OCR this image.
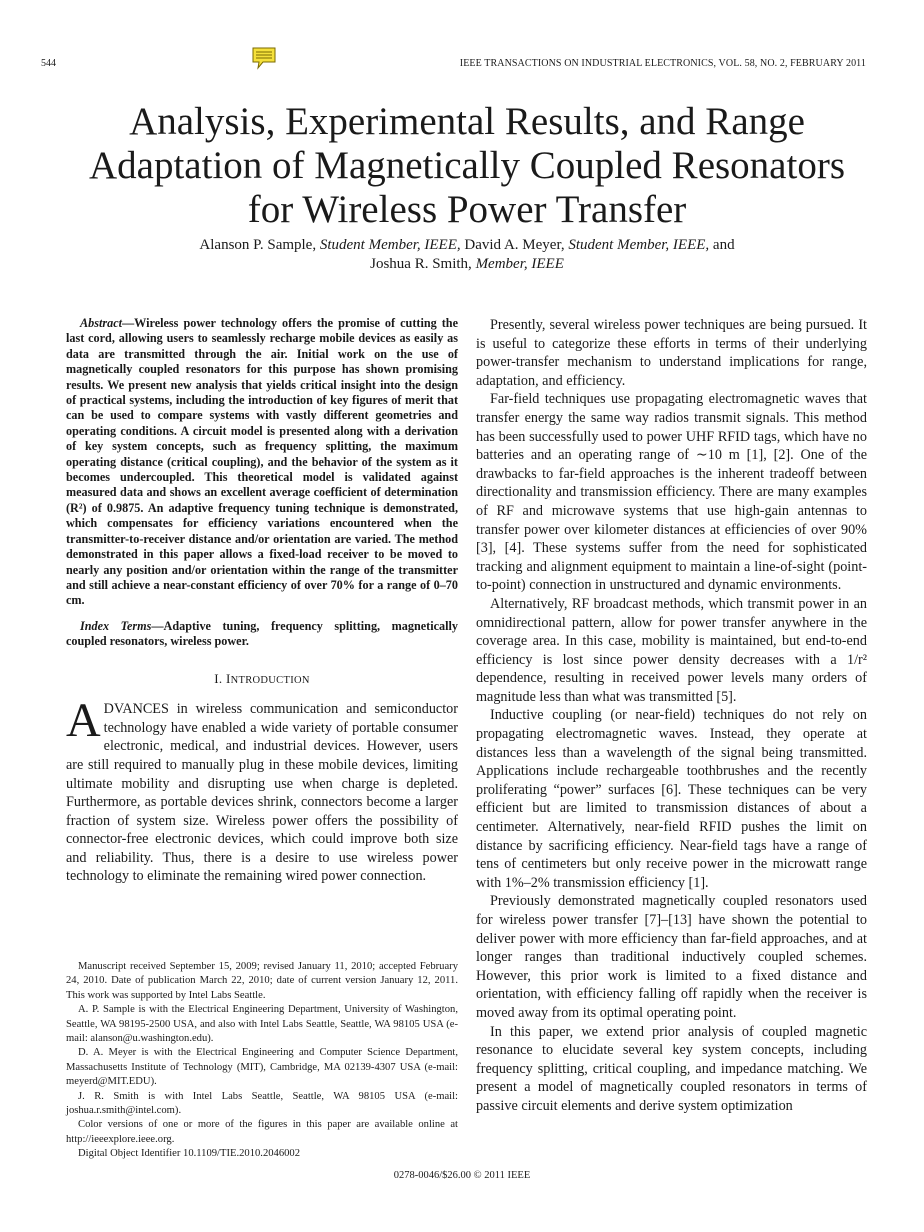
544	IEEE TRANSACTIONS ON INDUSTRIAL ELECTRONICS, VOL. 58, NO. 2, FEBRUARY 2011
Analysis, Experimental Results, and Range
Adaptation of Magnetically Coupled Resonators
for Wireless Power Transfer
Alanson P. Sample, Student Member, IEEE, David A. Meyer, Student Member, IEEE, and
Joshua R. Smith, Member, IEEE

Abstract—Wireless power technology offers the promise of cutting the last cord, allowing users to seamlessly recharge mobile devices as easily as data are transmitted through the air. Initial work on the use of magnetically coupled resonators for this purpose has shown promising results. We present new analysis that yields critical insight into the design of practical systems, including the introduction of key figures of merit that can be used to compare systems with vastly different geometries and operating conditions. A circuit model is presented along with a derivation of key system concepts, such as frequency splitting, the maximum operating distance (critical coupling), and the behavior of the system as it becomes undercoupled. This theoretical model is validated against measured data and shows an excellent average coefficient of determination (R²) of 0.9875. An adaptive frequency tuning technique is demonstrated, which compensates for efficiency variations encountered when the transmitter-to-receiver distance and/or orientation are varied. The method demonstrated in this paper allows a fixed-load receiver to be moved to nearly any position and/or orientation within the range of the transmitter and still achieve a near-constant efficiency of over 70% for a range of 0–70 cm.

Index Terms—Adaptive tuning, frequency splitting, magnetically coupled resonators, wireless power.

I. INTRODUCTION

ADVANCES in wireless communication and semiconductor technology have enabled a wide variety of portable consumer electronic, medical, and industrial devices. However, users are still required to manually plug in these mobile devices, limiting ultimate mobility and disrupting use when charge is depleted. Furthermore, as portable devices shrink, connectors become a larger fraction of system size. Wireless power offers the possibility of connector-free electronic devices, which could improve both size and reliability. Thus, there is a desire to use wireless power technology to eliminate the remaining wired power connection.

Manuscript received September 15, 2009; revised January 11, 2010; accepted February 24, 2010. Date of publication March 22, 2010; date of current version January 12, 2011. This work was supported by Intel Labs Seattle.

A. P. Sample is with the Electrical Engineering Department, University of Washington, Seattle, WA 98195-2500 USA, and also with Intel Labs Seattle, Seattle, WA 98105 USA (e-mail: alanson@u.washington.edu).

D. A. Meyer is with the Electrical Engineering and Computer Science Department, Massachusetts Institute of Technology (MIT), Cambridge, MA 02139-4307 USA (e-mail: meyerd@MIT.EDU).

J. R. Smith is with Intel Labs Seattle, Seattle, WA 98105 USA (e-mail: joshua.r.smith@intel.com).

Color versions of one or more of the figures in this paper are available online at http://ieeexplore.ieee.org.

Digital Object Identifier 10.1109/TIE.2010.2046002

Presently, several wireless power techniques are being pursued. It is useful to categorize these efforts in terms of their underlying power-transfer mechanism to understand implications for range, adaptation, and efficiency.

Far-field techniques use propagating electromagnetic waves that transfer energy the same way radios transmit signals. This method has been successfully used to power UHF RFID tags, which have no batteries and an operating range of ∼10 m [1], [2]. One of the drawbacks to far-field approaches is the inherent tradeoff between directionality and transmission efficiency. There are many examples of RF and microwave systems that use high-gain antennas to transfer power over kilometer distances at efficiencies of over 90% [3], [4]. These systems suffer from the need for sophisticated tracking and alignment equipment to maintain a line-of-sight (point-to-point) connection in unstructured and dynamic environments.

Alternatively, RF broadcast methods, which transmit power in an omnidirectional pattern, allow for power transfer anywhere in the coverage area. In this case, mobility is maintained, but end-to-end efficiency is lost since power density decreases with a 1/r² dependence, resulting in received power levels many orders of magnitude less than what was transmitted [5].

Inductive coupling (or near-field) techniques do not rely on propagating electromagnetic waves. Instead, they operate at distances less than a wavelength of the signal being transmitted. Applications include rechargeable toothbrushes and the recently proliferating “power” surfaces [6]. These techniques can be very efficient but are limited to transmission distances of about a centimeter. Alternatively, near-field RFID pushes the limit on distance by sacrificing efficiency. Near-field tags have a range of tens of centimeters but only receive power in the microwatt range with 1%–2% transmission efficiency [1].

Previously demonstrated magnetically coupled resonators used for wireless power transfer [7]–[13] have shown the potential to deliver power with more efficiency than far-field approaches, and at longer ranges than traditional inductively coupled schemes. However, this prior work is limited to a fixed distance and orientation, with efficiency falling off rapidly when the receiver is moved away from its optimal operating point.

In this paper, we extend prior analysis of coupled magnetic resonance to elucidate several key system concepts, including frequency splitting, critical coupling, and impedance matching. We present a model of magnetically coupled resonators in terms of passive circuit elements and derive system optimization

0278-0046/$26.00 © 2011 IEEE
